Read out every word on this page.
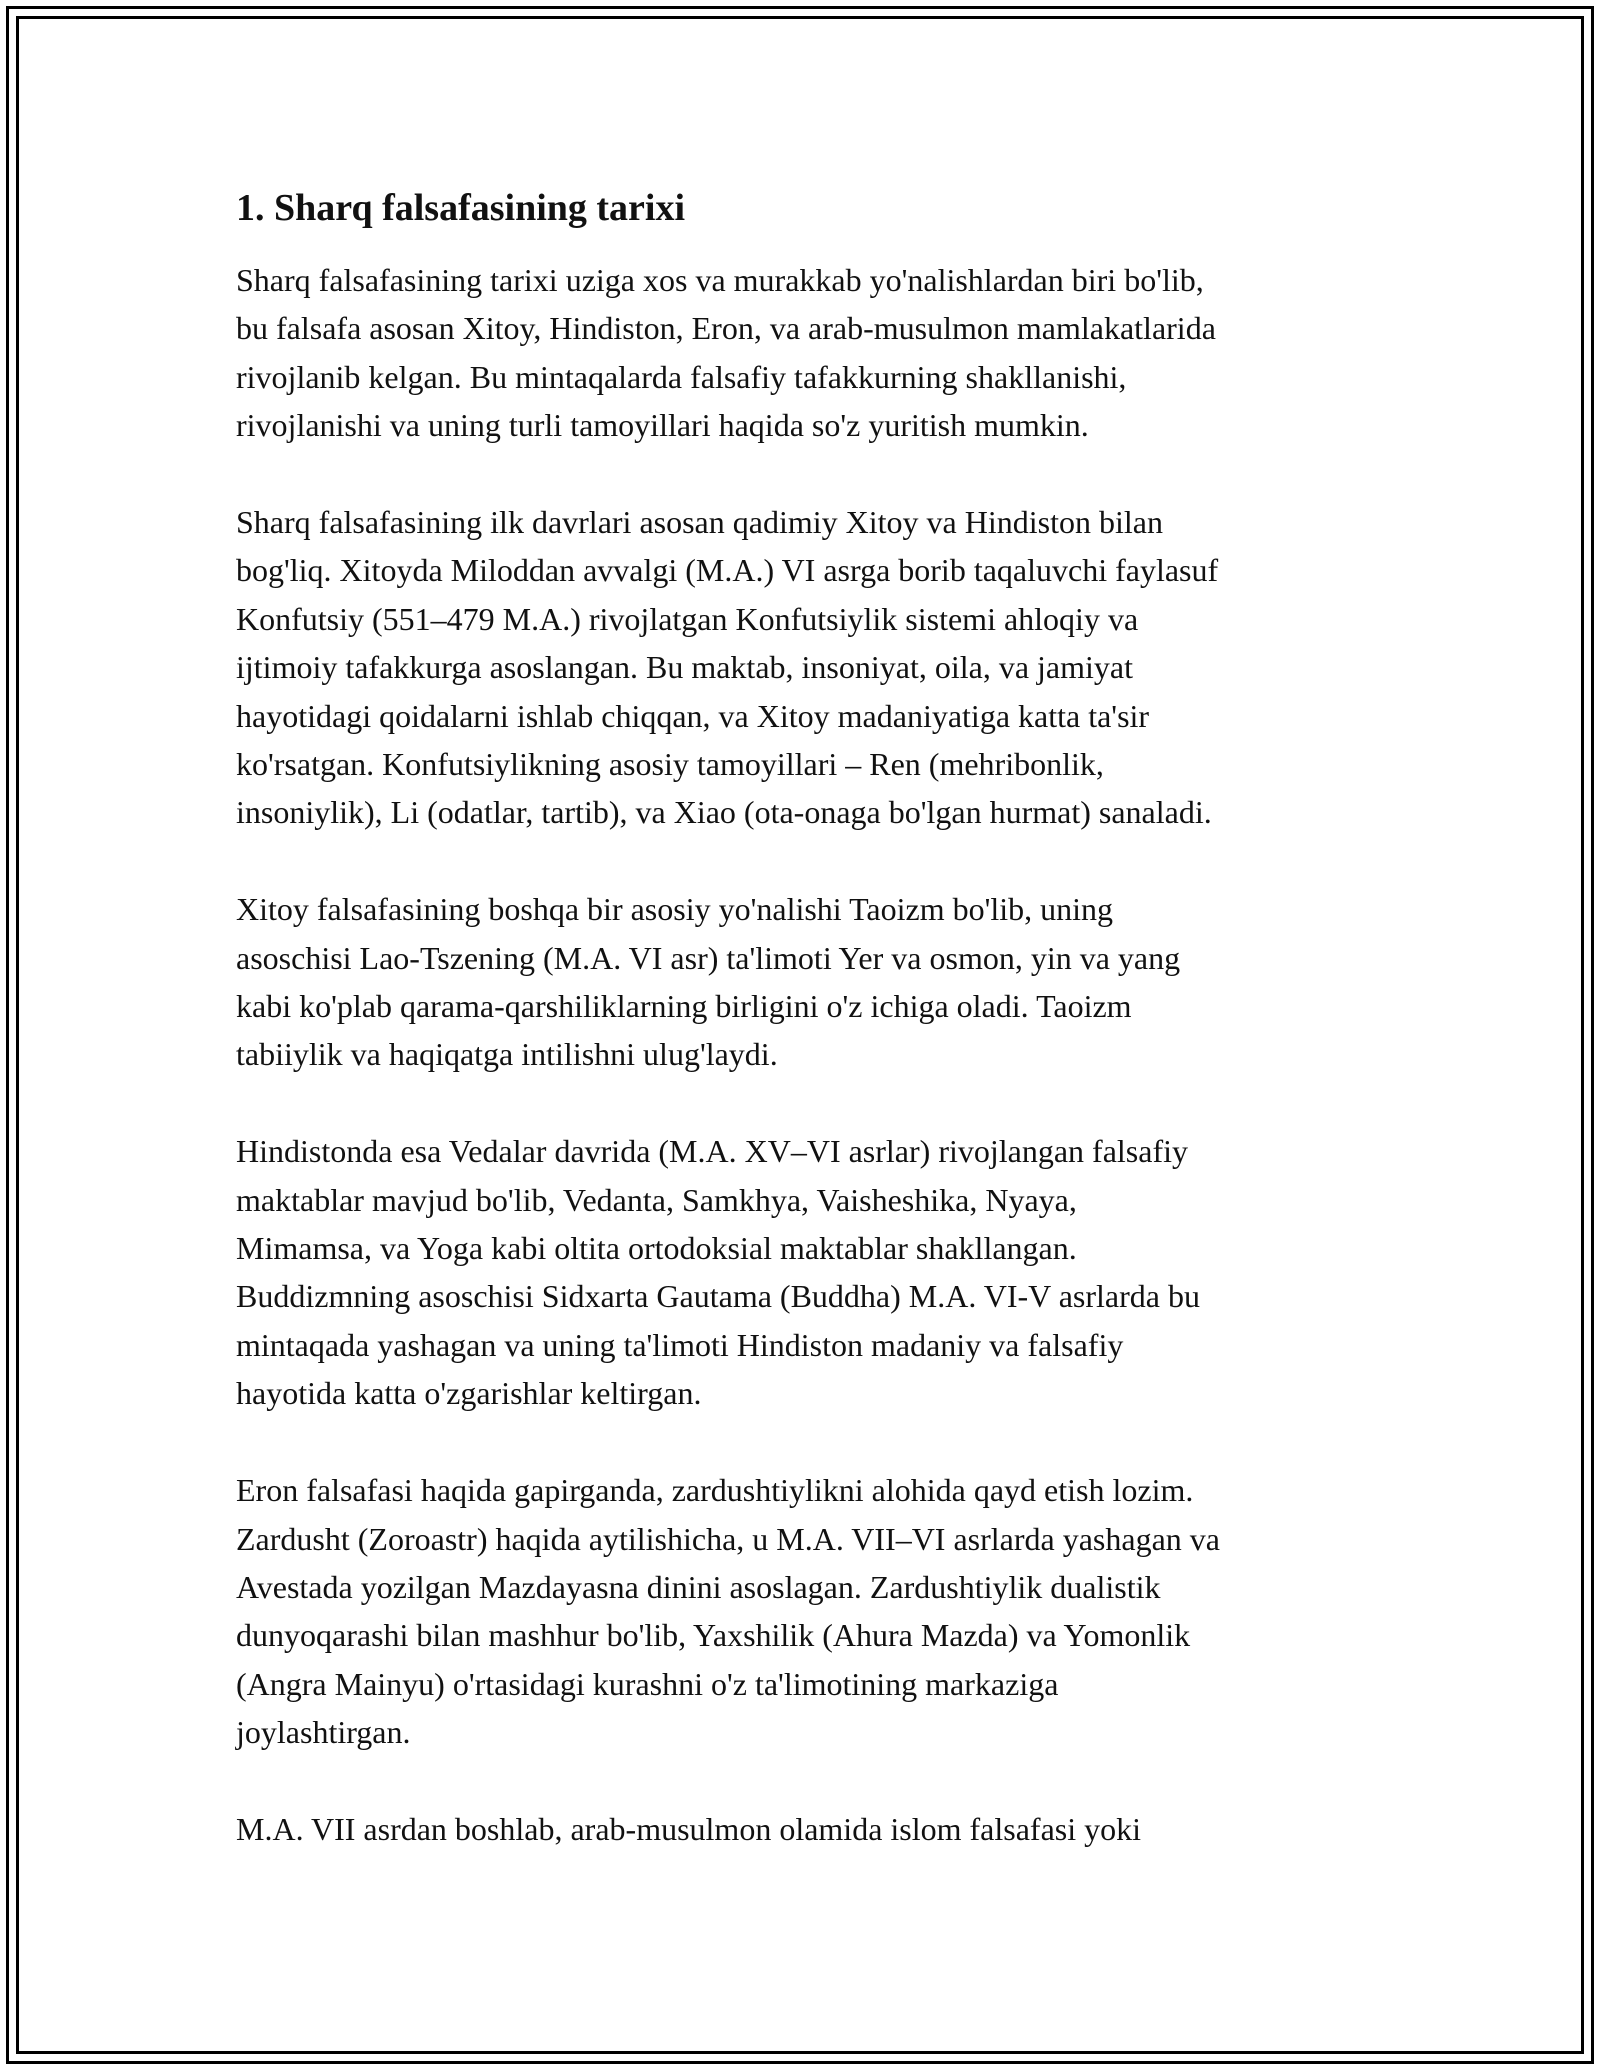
1. Sharq falsafasining tarixi
Sharq falsafasining tarixi uziga xos va murakkab yo'nalishlardan biri bo'lib,
bu falsafa asosan Xitoy, Hindiston, Eron, va arab-musulmon mamlakatlarida
rivojlanib kelgan. Bu mintaqalarda falsafiy tafakkurning shakllanishi,
rivojlanishi va uning turli tamoyillari haqida so'z yuritish mumkin.
Sharq falsafasining ilk davrlari asosan qadimiy Xitoy va Hindiston bilan
bog'liq. Xitoyda Miloddan avvalgi (M.A.) VI asrga borib taqaluvchi faylasuf
Konfutsiy (551–479 M.A.) rivojlatgan Konfutsiylik sistemi ahloqiy va
ijtimoiy tafakkurga asoslangan. Bu maktab, insoniyat, oila, va jamiyat
hayotidagi qoidalarni ishlab chiqqan, va Xitoy madaniyatiga katta ta'sir
ko'rsatgan. Konfutsiylikning asosiy tamoyillari – Ren (mehribonlik,
insoniylik), Li (odatlar, tartib), va Xiao (ota-onaga bo'lgan hurmat) sanaladi.
Xitoy falsafasining boshqa bir asosiy yo'nalishi Taoizm bo'lib, uning
asoschisi Lao-Tszening (M.A. VI asr) ta'limoti Yer va osmon, yin va yang
kabi ko'plab qarama-qarshiliklarning birligini o'z ichiga oladi. Taoizm
tabiiylik va haqiqatga intilishni ulug'laydi.
Hindistonda esa Vedalar davrida (M.A. XV–VI asrlar) rivojlangan falsafiy
maktablar mavjud bo'lib, Vedanta, Samkhya, Vaisheshika, Nyaya,
Mimamsa, va Yoga kabi oltita ortodoksial maktablar shakllangan.
Buddizmning asoschisi Sidxarta Gautama (Buddha) M.A. VI-V asrlarda bu
mintaqada yashagan va uning ta'limoti Hindiston madaniy va falsafiy
hayotida katta o'zgarishlar keltirgan.
Eron falsafasi haqida gapirganda, zardushtiylikni alohida qayd etish lozim.
Zardusht (Zoroastr) haqida aytilishicha, u M.A. VII–VI asrlarda yashagan va
Avestada yozilgan Mazdayasna dinini asoslagan. Zardushtiylik dualistik
dunyoqarashi bilan mashhur bo'lib, Yaxshilik (Ahura Mazda) va Yomonlik
(Angra Mainyu) o'rtasidagi kurashni o'z ta'limotining markaziga
joylashtirgan.
M.A. VII asrdan boshlab, arab-musulmon olamida islom falsafasi yoki
